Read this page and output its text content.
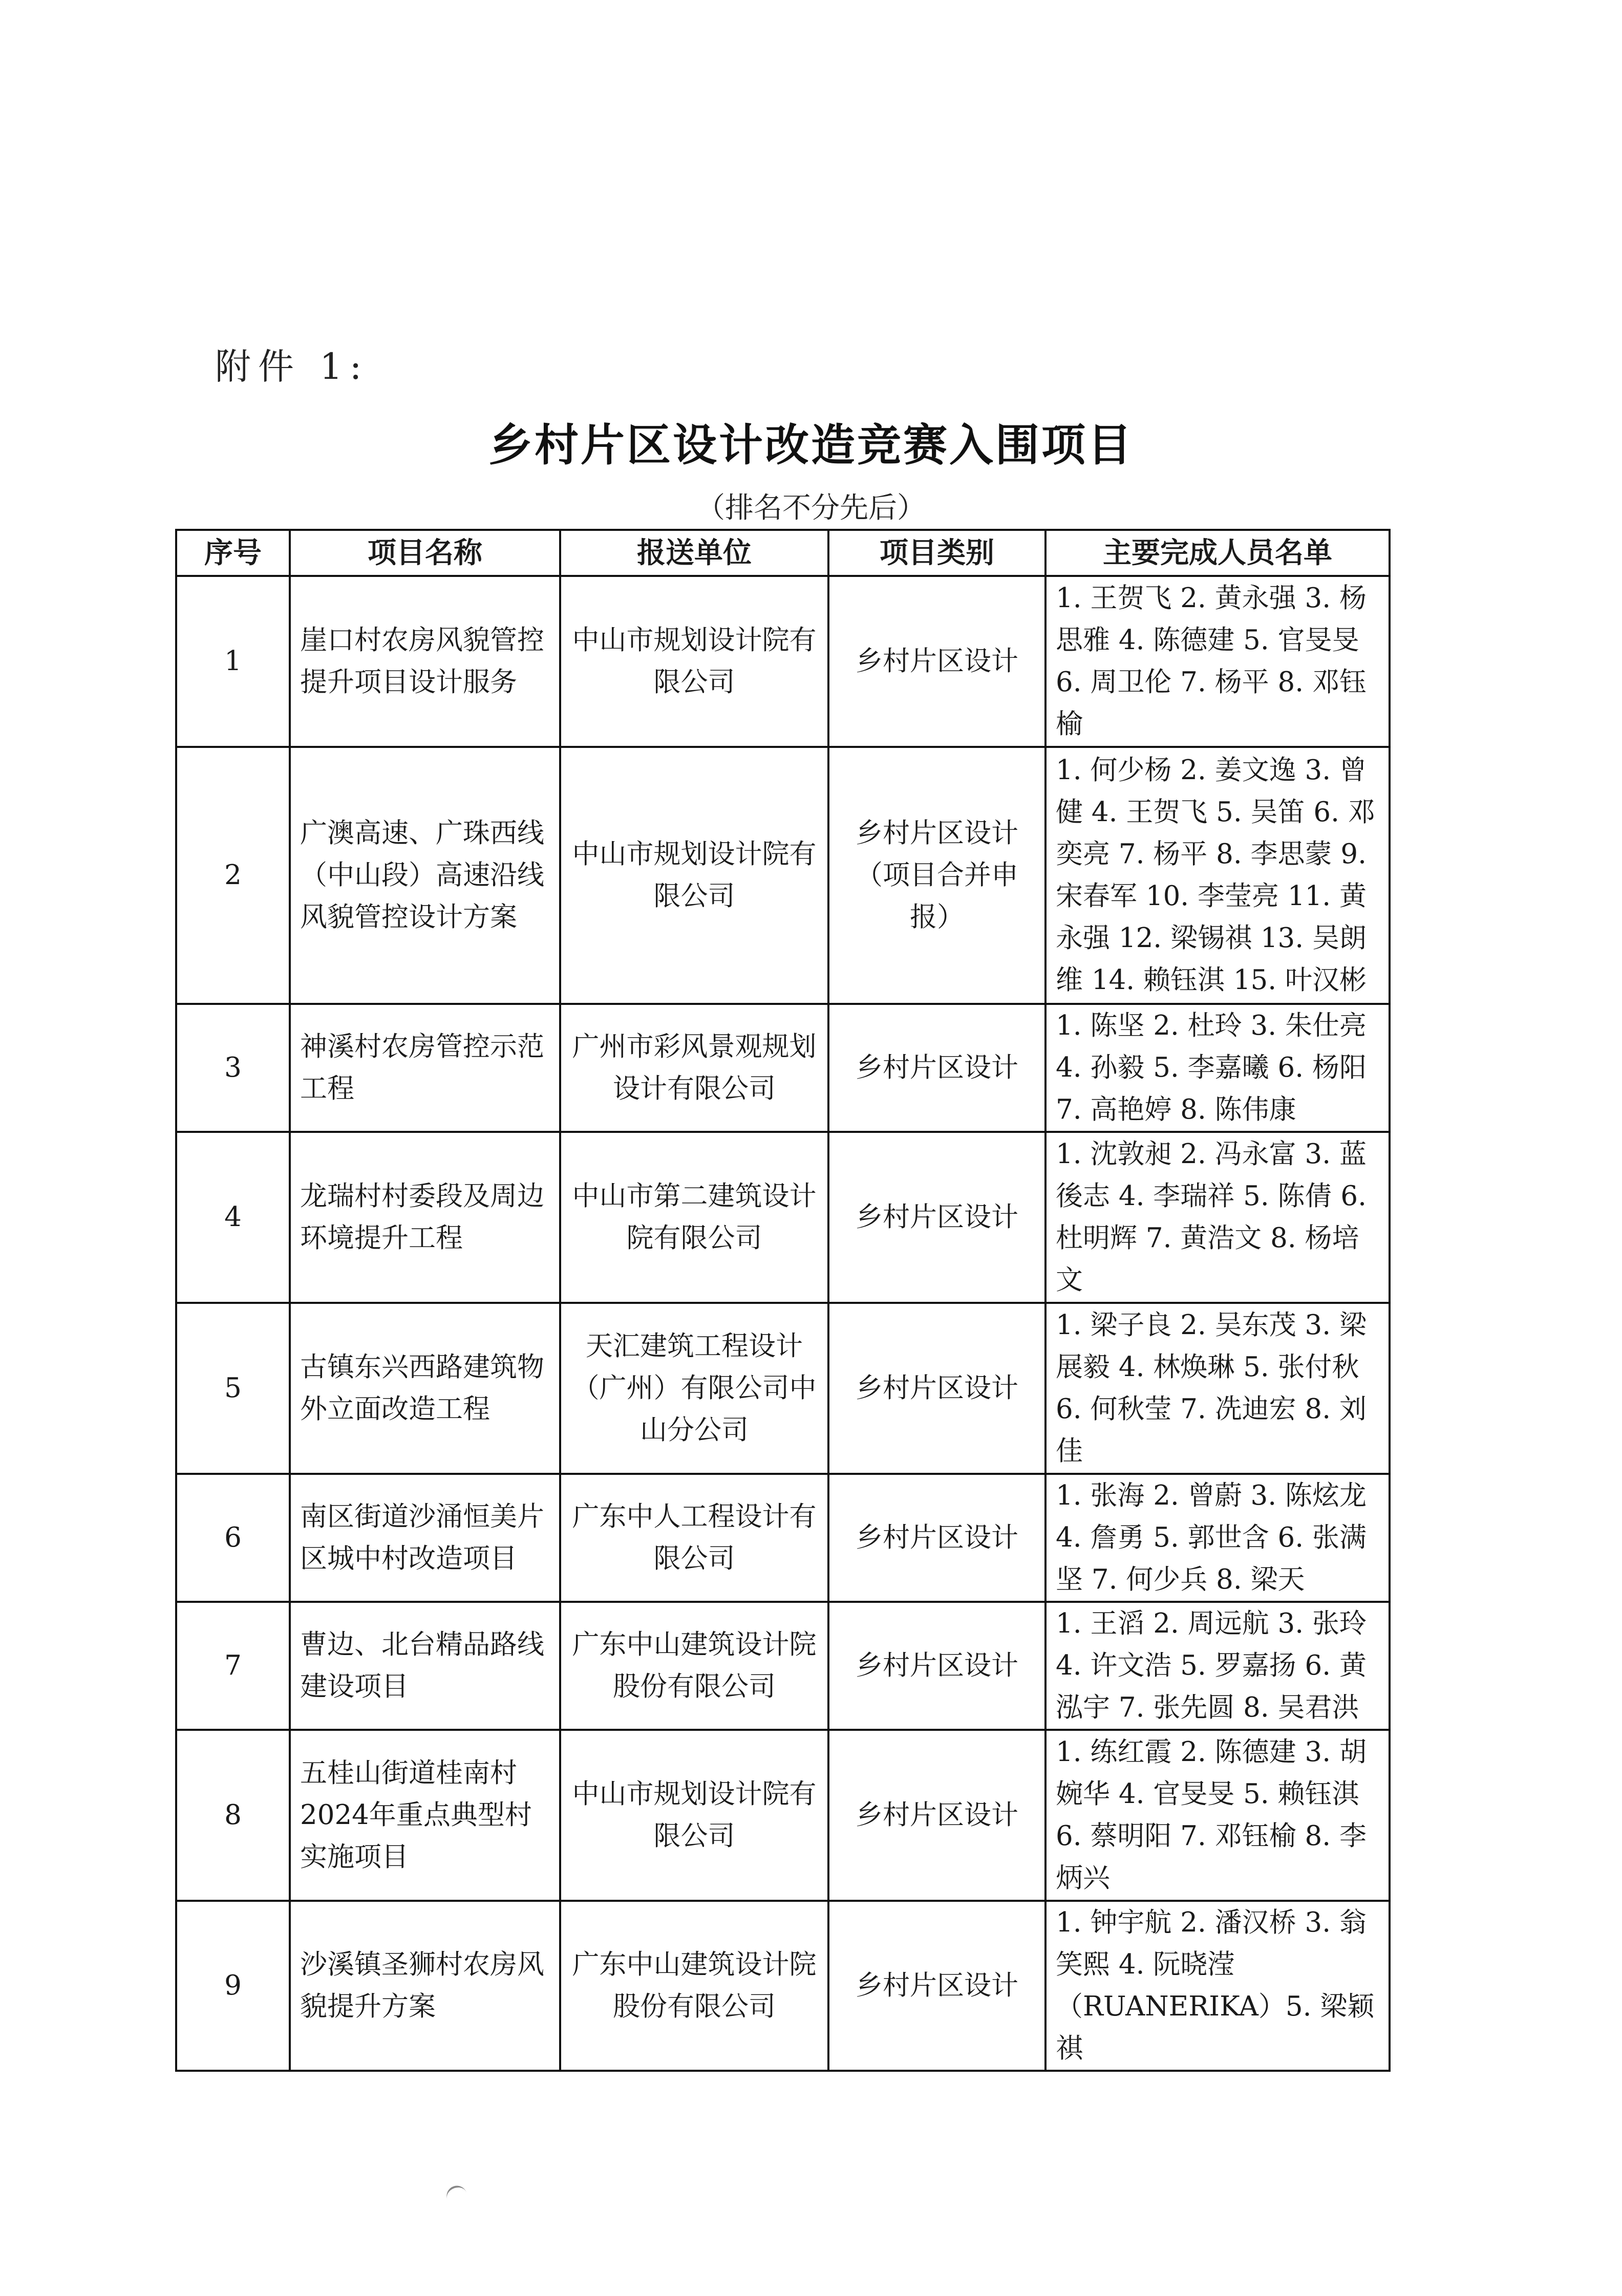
附件 1:
乡村片区设计改造竞赛入围项目
（排名不分先后）
序号	项目名称	报送单位	项目类别	主要完成人员名单
1	崖口村农房风貌管控提升项目设计服务	中山市规划设计院有限公司	乡村片区设计	1. 王贺飞 2. 黄永强 3. 杨思雅 4. 陈德建 5. 官旻旻 6. 周卫伦 7. 杨平 8. 邓钰榆
2	广澳高速、广珠西线（中山段）高速沿线风貌管控设计方案	中山市规划设计院有限公司	乡村片区设计（项目合并申报）	1. 何少杨 2. 姜文逸 3. 曾健 4. 王贺飞 5. 吴笛 6. 邓奕亮 7. 杨平 8. 李思蒙 9. 宋春军 10. 李莹亮 11. 黄永强 12. 梁锡祺 13. 吴朗维 14. 赖钰淇 15. 叶汉彬
3	神溪村农房管控示范工程	广州市彩风景观规划设计有限公司	乡村片区设计	1. 陈坚 2. 杜玲 3. 朱仕亮 4. 孙毅 5. 李嘉曦 6. 杨阳 7. 高艳婷 8. 陈伟康
4	龙瑞村村委段及周边环境提升工程	中山市第二建筑设计院有限公司	乡村片区设计	1. 沈敦昶 2. 冯永富 3. 蓝後志 4. 李瑞祥 5. 陈倩 6. 杜明辉 7. 黄浩文 8. 杨培文
5	古镇东兴西路建筑物外立面改造工程	天汇建筑工程设计（广州）有限公司中山分公司	乡村片区设计	1. 梁子良 2. 吴东茂 3. 梁展毅 4. 林焕琳 5. 张付秋 6. 何秋莹 7. 冼迪宏 8. 刘佳
6	南区街道沙涌恒美片区城中村改造项目	广东中人工程设计有限公司	乡村片区设计	1. 张海 2. 曾蔚 3. 陈炫龙 4. 詹勇 5. 郭世含 6. 张满坚 7. 何少兵 8. 梁天
7	曹边、北台精品路线建设项目	广东中山建筑设计院股份有限公司	乡村片区设计	1. 王滔 2. 周远航 3. 张玲 4. 许文浩 5. 罗嘉扬 6. 黄泓宇 7. 张先圆 8. 吴君洪
8	五桂山街道桂南村2024年重点典型村实施项目	中山市规划设计院有限公司	乡村片区设计	1. 练红霞 2. 陈德建 3. 胡婉华 4. 官旻旻 5. 赖钰淇 6. 蔡明阳 7. 邓钰榆 8. 李炳兴
9	沙溪镇圣狮村农房风貌提升方案	广东中山建筑设计院股份有限公司	乡村片区设计	1. 钟宇航 2. 潘汉桥 3. 翁笑熙 4. 阮晓滢（RUANERIKA）5. 梁颖祺
